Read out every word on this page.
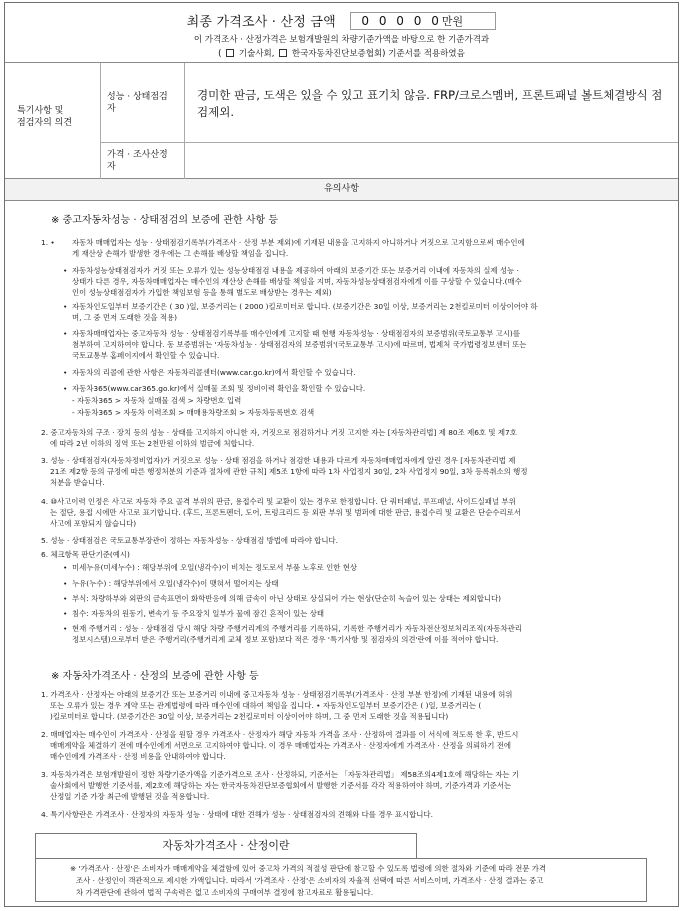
최종 가격조사 · 산정 금액 0 0 0 0 0만원
이 가격조사 · 산정가격은 보험개발원의 차량기준가액을 바탕으로 한 기준가격과
( 기술사회, 한국자동차진단보증협회) 기준서를 적용하였음
특기사항 및
점검자의 의견
성능 · 상태점검
자
경미한 판금, 도색은 있을 수 있고 표기치 않음. FRP/크로스멤버, 프론트패널 볼트체결방식 점검제외.
가격 · 조사산정
자
유의사항
※ 중고자동차성능 · 상태점검의 보증에 관한 사항 등
1. • 자동차 매매업자는 성능 · 상태점검기록부(가격조사 · 산정 부분 제외)에 기재된 내용을 고지하지 아니하거나 거짓으로 고지함으로써 매수인에
게 재산상 손해가 발생한 경우에는 그 손해를 배상할 책임을 집니다.
• 자동차성능상태점검자가 거짓 또는 오류가 있는 성능상태점검 내용을 제공하여 아래의 보증기간 또는 보증거리 이내에 자동차의 실제 성능 ·
상태가 다른 경우, 자동차매매업자는 매수인의 재산상 손해를 배상할 책임을 지며, 자동차성능상태점검자에게 이를 구상할 수 있습니다.(매수
인이 성능상태점검자가 가입한 책임보험 등을 통해 별도로 배상받는 경우는 제외)
• 자동차인도일부터 보증기간은 ( 30 )일, 보증거리는 ( 2000 )킬로미터로 합니다. (보증기간은 30일 이상, 보증거리는 2천킬로미터 이상이어야 하
며, 그 중 먼저 도래한 것을 적용)
• 자동차매매업자는 중고자동차 성능 · 상태점검기록부를 매수인에게 고지할 때 현행 자동차성능 · 상태점검자의 보증범위(국토교통부 고시)를
첨부하여 고지하여야 합니다. 동 보증범위는 '자동차성능 · 상태점검자의 보증범위'(국토교통부 고시)에 따르며, 법제처 국가법령정보센터 또는
국토교통부 홈페이지에서 확인할 수 있습니다.
• 자동차의 리콜에 관한 사항은 자동차리콜센터(www.car.go.kr)에서 확인할 수 있습니다.
• 자동차365(www.car365.go.kr)에서 실매물 조회 및 정비이력 확인을 확인할 수 있습니다.
- 자동차365 > 자동차 실매물 검색 > 차량번호 입력
- 자동차365 > 자동차 이력조회 > 매매용차량조회 > 자동차등록번호 검색
2. 중고자동차의 구조 · 장치 등의 성능 · 상태를 고지하지 아니한 자, 거짓으로 점검하거나 거짓 고지한 자는 [자동차관리법] 제 80조 제6호 및 제7호
에 따라 2년 이하의 징역 또는 2천만원 이하의 벌금에 처합니다.
3. 성능 · 상태점검자(자동차정비업자)가 거짓으로 성능 · 상태 점검을 하거나 점검한 내용과 다르게 자동차매매업자에게 알린 경우 [자동차관리법 제
21조 제2항 등의 규정에 따른 행정처분의 기준과 절차에 관한 규칙] 제5조 1항에 따라 1차 사업정지 30일, 2차 사업정지 90일, 3차 등록취소의 행정
처분을 받습니다.
4. ⑩사고이력 인정은 사고로 자동차 주요 골격 부위의 판금, 용접수리 및 교환이 있는 경우로 한정합니다. 단 쿼터패널, 루프패널, 사이드실패널 부위
는 절단, 용접 시에만 사고로 표기합니다. (후드, 프론트펜더, 도어, 트렁크리드 등 외판 부위 및 범퍼에 대한 판금, 용접수리 및 교환은 단순수리로서
사고에 포함되지 않습니다)
5. 성능 · 상태점검은 국토교통부장관이 정하는 자동차성능 · 상태점검 방법에 따라야 합니다.
6. 체크항목 판단기준(예시)
• 미세누유(미세누수) : 해당부위에 오일(냉각수)이 비치는 정도로서 부품 노후로 인한 현상
• 누유(누수) : 해당부위에서 오일(냉각수)이 맺혀서 떨어지는 상태
• 부식: 차량하부와 외판의 금속표면이 화학반응에 의해 금속이 아닌 상태로 상실되어 가는 현상(단순히 녹슬어 있는 상태는 제외합니다)
• 침수: 자동차의 원동기, 변속기 등 주요장치 일부가 물에 잠긴 흔적이 있는 상태
• 현재 주행거리 : 성능 · 상태점검 당시 해당 차량 주행거리계의 주행거리를 기록하되, 기록한 주행거리가 자동차전산정보처리조직(자동차관리
정보시스템)으로부터 받은 주행거리(주행거리계 교체 정보 포함)보다 적은 경우 '특기사항 및 점검자의 의견'란에 이를 적어야 합니다.
※ 자동차가격조사 · 산정의 보증에 관한 사항 등
1. 가격조사 · 산정자는 아래의 보증기간 또는 보증거리 이내에 중고자동차 성능 · 상태점검기록부(가격조사 · 산정 부분 한정)에 기재된 내용에 허위
또는 오류가 있는 경우 계약 또는 관계법령에 따라 매수인에 대하여 책임을 집니다. • 자동차인도일부터 보증기간은 ( )일, 보증거리는 (
)킬로미터로 합니다. (보증기간은 30일 이상, 보증거리는 2천킬로미터 이상이어야 하며, 그 중 먼저 도래한 것을 적용됩니다)
2. 매매업자는 매수인이 가격조사 · 산정을 원할 경우 가격조사 · 산정자가 해당 자동차 가격을 조사 · 산정하여 결과를 이 서식에 적도록 한 후, 반드시
매매계약을 체결하기 전에 매수인에게 서면으로 고지하여야 합니다. 이 경우 매매업자는 가격조사 · 산정자에게 가격조사 · 산정을 의뢰하기 전에
매수인에게 가격조사 · 산정 비용을 안내하여야 합니다.
3. 자동차가격은 보험개발원이 정한 차량기준가액을 기준가격으로 조사 · 산정하되, 기준서는 「자동차관리법」 제58조의4제1호에 해당하는 자는 기
술사회에서 발행한 기준서를, 제2호에 해당하는 자는 한국자동차진단보증협회에서 발행한 기준서를 각각 적용하여야 하며, 기준가격과 기준서는
산정일 기준 가장 최근에 발행된 것을 적용합니다.
4. 특기사항란은 가격조사 · 산정자의 자동차 성능 · 상태에 대한 견해가 성능 · 상태점검자의 견해와 다를 경우 표시합니다.
자동차가격조사 · 산정이란
※ '가격조사 · 산정'은 소비자가 매매계약을 체결함에 있어 중고차 가격의 적절성 판단에 참고할 수 있도록 법령에 의한 절차와 기준에 따라 전문 가격
조사 · 산정인이 객관적으로 제시한 가액입니다. 따라서 '가격조사 · 산정'은 소비자의 자율적 선택에 따른 서비스이며, 가격조사 · 산정 결과는 중고
차 가격판단에 관하여 법적 구속력은 없고 소비자의 구매여부 결정에 참고자료로 활용됩니다.
